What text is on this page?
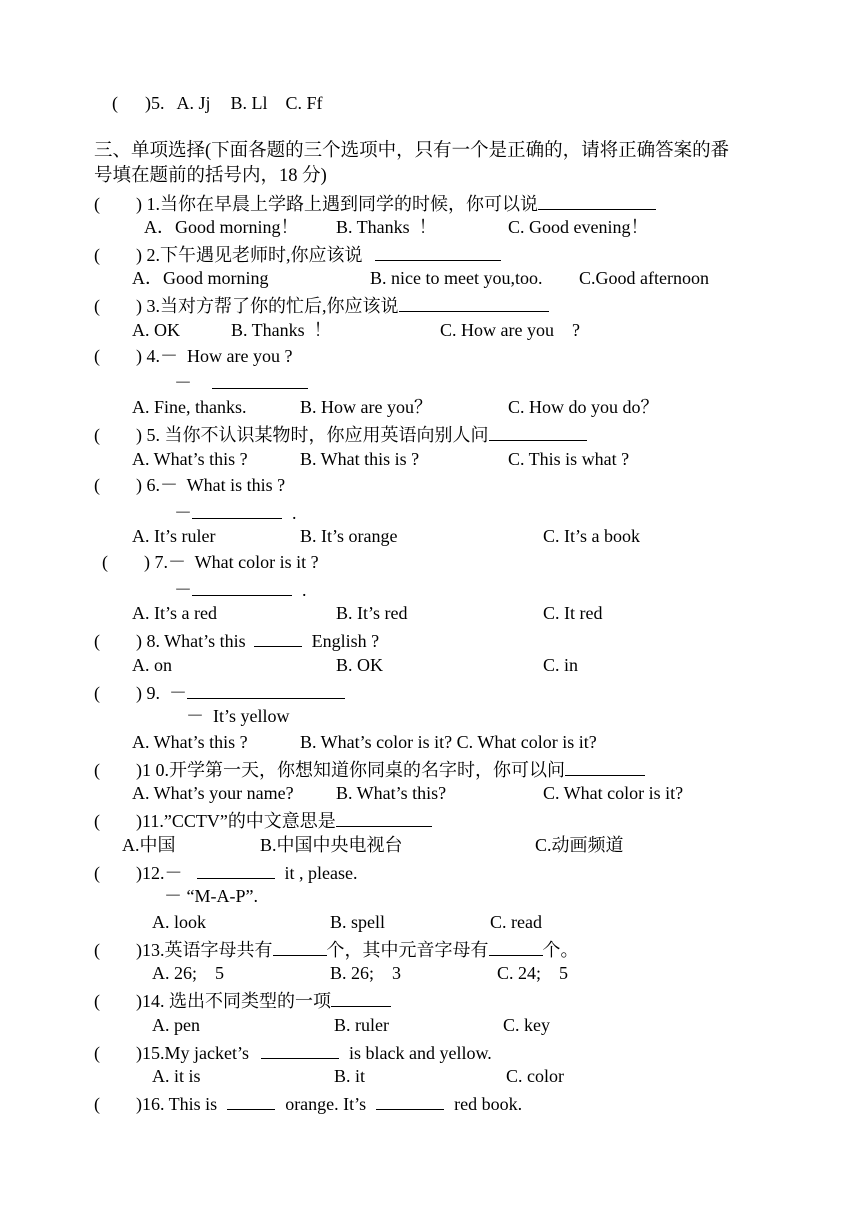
(      )5. A. Jj B. Ll C. Ff
三、单项选择(下面各题的三个选项中，只有一个是正确的，请将正确答案的番
号填在题前的括号内，18 分)
(        ) 1.当你在早晨上学路上遇到同学的时候，你可以说
A．Good morning！ B. Thanks  ！	C. Good evening！
(        ) 2.下午遇见老师时,你应该说
A．Good morning	B. nice to meet you,too. C.Good afternoon
(        ) 3.当对方帮了你的忙后,你应该说
A. OK	B. Thanks  ！	C. How are you    ?
(        ) 4.－  How are you ?
－
A. Fine, thanks.	B. How are you？	C. How do you do？
(        ) 5. 当你不认识某物时，你应用英语向别人问
A. What’s this ?	B. What this is ?	C. This is what ?
(        ) 6.－  What is this ?
－	.
A. It’s ruler	B. It’s orange	C. It’s a book
(        ) 7.－  What color is it ?
－	.
A. It’s a red	B. It’s red	C. It red
(        ) 8. What’s this	English ?
A. on	B. OK	C. in
(        ) 9.  －
－  It’s yellow
A. What’s this ?	B. What’s color is it? C. What color is it?
(        )1 0.开学第一天，你想知道你同桌的名字时，你可以问
A. What’s your name? B. What’s this?	C. What color is it?
(        )11.”CCTV”的中文意思是
A.中国	B.中国中央电视台	C.动画频道
(        )12.－	it , please.
－ “M-A-P”.
A. look	B. spell	C. read
(        )13.英语字母共有	个，其中元音字母有	个。
A. 26;    5	B. 26;    3	C. 24;    5
(        )14. 选出不同类型的一项
A. pen	B. ruler	C. key
(        )15.My jacket’s	is black and yellow.
A. it is	B. it	C. color
(        )16. This is	orange. It’s	red book.
